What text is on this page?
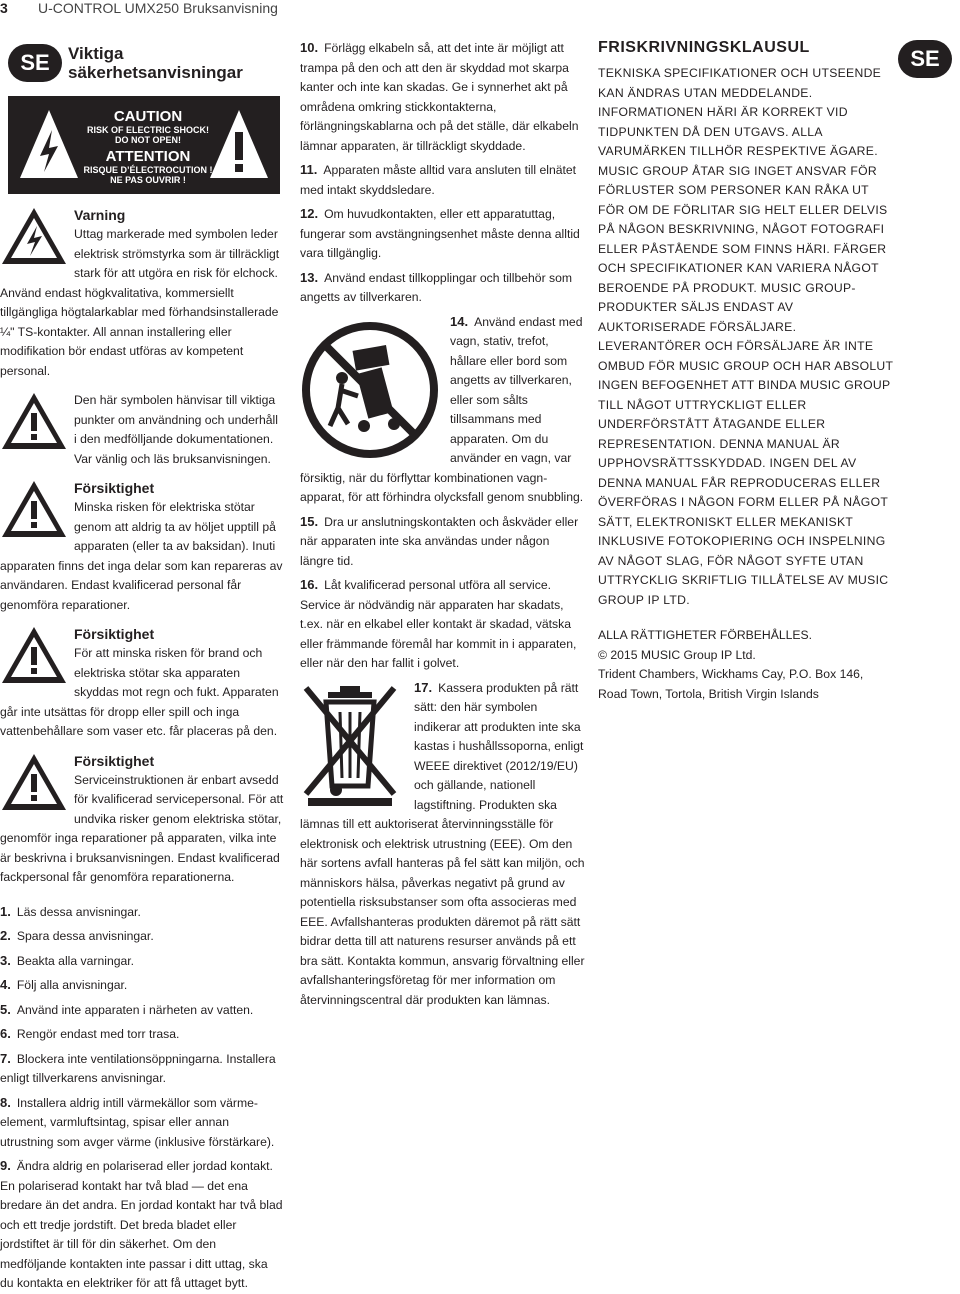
3 U-CONTROL UMX250 Bruksanvisning
SE	SE
Viktiga
säkerhetsanvisningar
CAUTION
RISK OF ELECTRIC SHOCK!
DO NOT OPEN!
ATTENTION
RISQUE D’ÉLECTROCUTION !
NE PAS OUVRIR !
Varning
Uttag markerade med symbolen leder elektrisk strömstyrka som är tillräckligt stark för att utgöra en risk för elchock. Använd endast högkvalitativa, kommersiellt tillgängliga högtalarkablar med förhandsinstallerade ¼" TS-kontakter. All annan installering eller modifikation bör endast utföras av kompetent personal.
Den här symbolen hänvisar till viktiga punkter om användning och underhåll i den medfölljande dokumentationen. Var vänlig och läs bruksanvisningen.
Försiktighet
Minska risken för elektriska stötar genom att aldrig ta av höljet upptill på apparaten (eller ta av baksidan). Inuti apparaten finns det inga delar som kan repareras av användaren. Endast kvalificerad personal får genomföra reparationer.
Försiktighet
För att minska risken för brand och elektriska stötar ska apparaten skyddas mot regn och fukt. Apparaten går inte utsättas för dropp eller spill och inga vattenbehållare som vaser etc. får placeras på den.
Försiktighet
Serviceinstruktionen är enbart avsedd för kvalificerad servicepersonal. För att undvika risker genom elektriska stötar, genomför inga reparationer på apparaten, vilka inte är beskrivna i bruksanvisningen. Endast kvalificerad fackpersonal får genomföra reparationerna.
1. Läs dessa anvisningar.
2. Spara dessa anvisningar.
3. Beakta alla varningar.
4. Följ alla anvisningar.
5. Använd inte apparaten i närheten av vatten.
6. Rengör endast med torr trasa.
7. Blockera inte ventilationsöppningarna. Installera enligt tillverkarens anvisningar.
8. Installera aldrig intill värmekällor som värme-element, varmluftsintag, spisar eller annan utrustning som avger värme (inklusive förstärkare).
9. Ändra aldrig en polariserad eller jordad kontakt. En polariserad kontakt har två blad — det ena bredare än det andra. En jordad kontakt har två blad och ett tredje jordstift. Det breda bladet eller jordstiftet är till för din säkerhet. Om den medföljande kontakten inte passar i ditt uttag, ska du kontakta en elektriker för att få uttaget bytt.
10. Förlägg elkabeln så, att det inte är möjligt att trampa på den och att den är skyddad mot skarpa kanter och inte kan skadas. Ge i synnerhet akt på områdena omkring stickkontakterna, förlängningskablarna och på det ställe, där elkabeln lämnar apparaten, är tillräckligt skyddade.
11. Apparaten måste alltid vara ansluten till elnätet med intakt skyddsledare.
12. Om huvudkontakten, eller ett apparatuttag, fungerar som avstängningsenhet måste denna alltid vara tillgänglig.
13. Använd endast tillkopplingar och tillbehör som angetts av tillverkaren.
14. Använd endast med vagn, stativ, trefot, hållare eller bord som angetts av tillverkaren, eller som sålts tillsammans med apparaten. Om du använder en vagn, var försiktig, när du förflyttar kombinationen vagn-apparat, för att förhindra olycksfall genom snubbling.
15. Dra ur anslutningskontakten och åskväder eller när apparaten inte ska användas under någon längre tid.
16. Låt kvalificerad personal utföra all service. Service är nödvändig när apparaten har skadats, t.ex. när en elkabel eller kontakt är skadad, vätska eller främmande föremål har kommit in i apparaten, eller när den har fallit i golvet.
17. Kassera produkten på rätt sätt: den här symbolen indikerar att produkten inte ska kastas i hushållssoporna, enligt WEEE direktivet (2012/19/EU) och gällande, nationell lagstiftning. Produkten ska lämnas till ett auktoriserat återvinningsställe för elektronisk och elektrisk utrustning (EEE). Om den här sortens avfall hanteras på fel sätt kan miljön, och människors hälsa, påverkas negativt på grund av potentiella risksubstanser som ofta associeras med EEE. Avfallshanteras produkten däremot på rätt sätt bidrar detta till att naturens resurser används på ett bra sätt. Kontakta kommun, ansvarig förvaltning eller avfallshanteringsföretag för mer information om återvinningscentral där produkten kan lämnas.
FRISKRIVNINGSKLAUSUL
TEKNISKA SPECIFIKATIONER OCH UTSEENDE KAN ÄNDRAS UTAN MEDDELANDE. INFORMATIONEN HÄRI ÄR KORREKT VID TIDPUNKTEN DÅ DEN UTGAVS. ALLA VARUMÄRKEN TILLHÖR RESPEKTIVE ÄGARE. MUSIC GROUP ÅTAR SIG INGET ANSVAR FÖR FÖRLUSTER SOM PERSONER KAN RÅKA UT FÖR OM DE FÖRLITAR SIG HELT ELLER DELVIS PÅ NÅGON BESKRIVNING, NÅGOT FOTOGRAFI ELLER PÅSTÅENDE SOM FINNS HÄRI. FÄRGER OCH SPECIFIKATIONER KAN VARIERA NÅGOT BEROENDE PÅ PRODUKT. MUSIC GROUP-PRODUKTER SÄLJS ENDAST AV AUKTORISERADE FÖRSÄLJARE. LEVERANTÖRER OCH FÖRSÄLJARE ÄR INTE OMBUD FÖR MUSIC GROUP OCH HAR ABSOLUT INGEN BEFOGENHET ATT BINDA MUSIC GROUP TILL NÅGOT UTTRYCKLIGT ELLER UNDERFÖRSTÅTT ÅTAGANDE ELLER REPRESENTATION. DENNA MANUAL ÄR UPPHOVSRÄTTSSKYDDAD. INGEN DEL AV DENNA MANUAL FÅR REPRODUCERAS ELLER ÖVERFÖRAS I NÅGON FORM ELLER PÅ NÅGOT SÄTT, ELEKTRONISKT ELLER MEKANISKT INKLUSIVE FOTOKOPIERING OCH INSPELNING AV NÅGOT SLAG, FÖR NÅGOT SYFTE UTAN UTTRYCKLIG SKRIFTLIG TILLÅTELSE AV MUSIC GROUP IP LTD.
ALLA RÄTTIGHETER FÖRBEHÅLLES.
© 2015 MUSIC Group IP Ltd.
Trident Chambers, Wickhams Cay, P.O. Box 146,
Road Town, Tortola, British Virgin Islands
